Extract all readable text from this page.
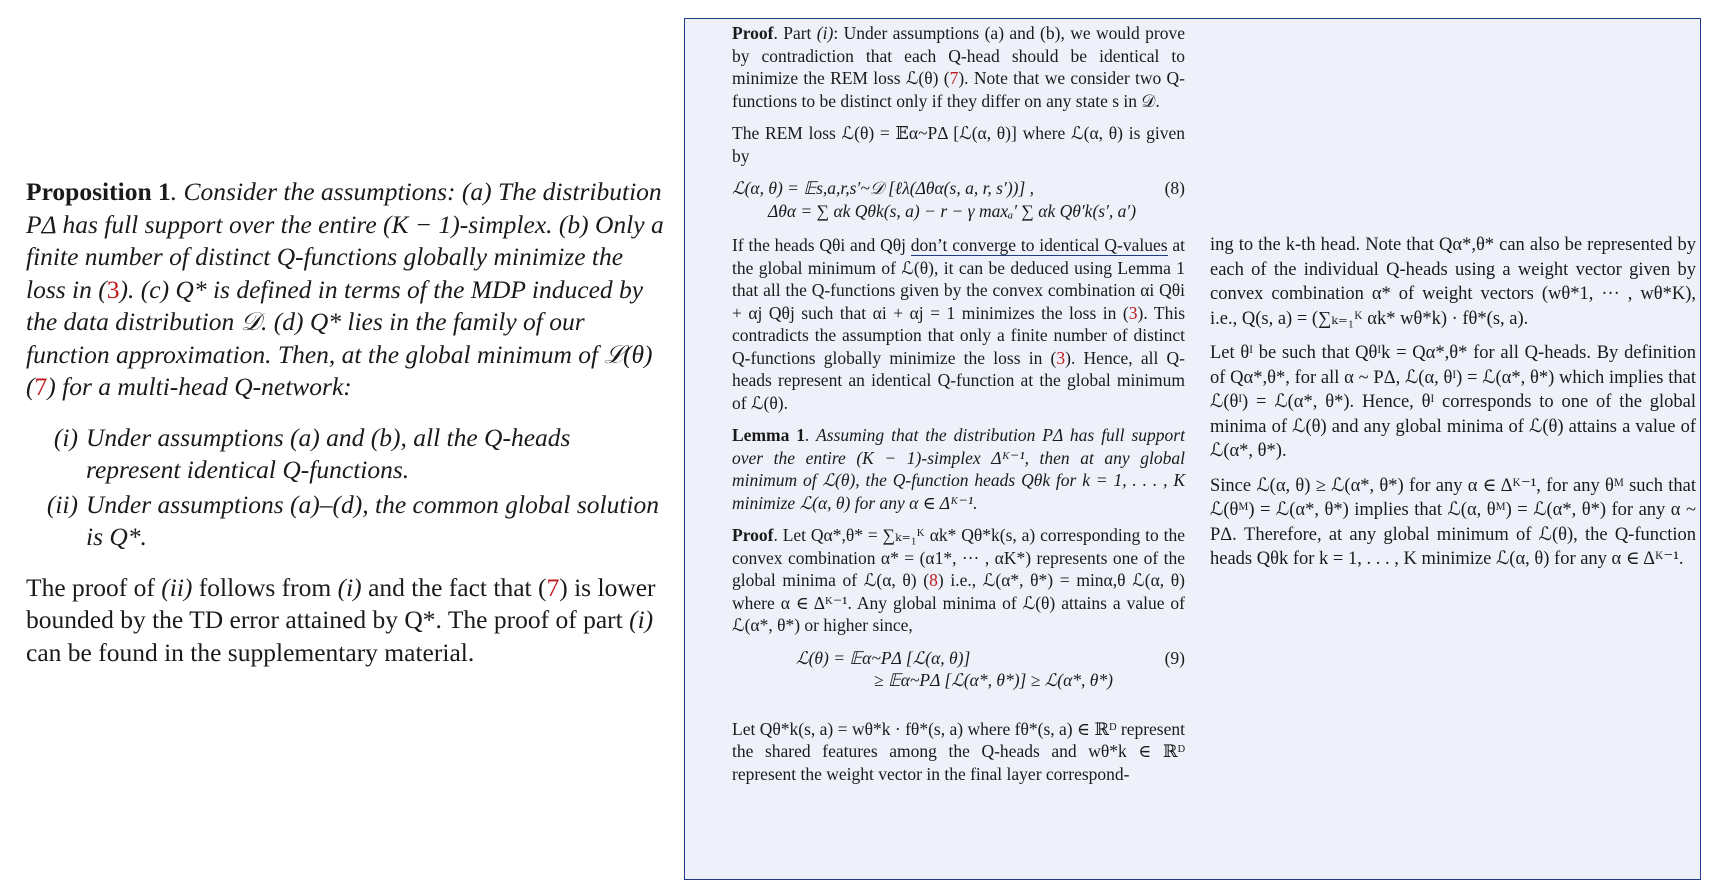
Proposition 1. Consider the assumptions: (a) The distribution PΔ has full support over the entire (K − 1)-simplex. (b) Only a finite number of distinct Q-functions globally minimize the loss in (3). (c) Q* is defined in terms of the MDP induced by the data distribution 𝒟. (d) Q* lies in the family of our function approximation. Then, at the global minimum of ℒ(θ) (7) for a multi-head Q-network:

(i) Under assumptions (a) and (b), all the Q-heads represent identical Q-functions.
(ii) Under assumptions (a)–(d), the common global solution is Q*.

The proof of (ii) follows from (i) and the fact that (7) is lower bounded by the TD error attained by Q*. The proof of part (i) can be found in the supplementary material.

Proof. Part (i): Under assumptions (a) and (b), we would prove by contradiction that each Q-head should be identical to minimize the REM loss ℒ(θ) (7). Note that we consider two Q-functions to be distinct only if they differ on any state s in 𝒟.

The REM loss ℒ(θ) = 𝔼α~PΔ [ℒ(α, θ)] where ℒ(α, θ) is given by

ℒ(α, θ) = 𝔼s,a,r,s′~𝒟 [ℓλ(Δθα(s, a, r, s′))] ,	(8)
Δθα = ∑ αk Qθk(s, a) − r − γ maxₐ′ ∑ αk Qθ′k(s′, a′)

If the heads Qθi and Qθj don’t converge to identical Q-values at the global minimum of ℒ(θ), it can be deduced using Lemma 1 that all the Q-functions given by the convex combination αi Qθi + αj Qθj such that αi + αj = 1 minimizes the loss in (3). This contradicts the assumption that only a finite number of distinct Q-functions globally minimize the loss in (3). Hence, all Q-heads represent an identical Q-function at the global minimum of ℒ(θ).

Lemma 1. Assuming that the distribution PΔ has full support over the entire (K − 1)-simplex Δᴷ⁻¹, then at any global minimum of ℒ(θ), the Q-function heads Qθk for k = 1, . . . , K minimize ℒ(α, θ) for any α ∈ Δᴷ⁻¹.

Proof. Let Qα*,θ* = ∑ₖ₌₁ᴷ αk* Qθ*k(s, a) corresponding to the convex combination α* = (α1*, ··· , αK*) represents one of the global minima of ℒ(α, θ) (8) i.e., ℒ(α*, θ*) = minα,θ ℒ(α, θ) where α ∈ Δᴷ⁻¹. Any global minima of ℒ(θ) attains a value of ℒ(α*, θ*) or higher since,

ℒ(θ) = 𝔼α~PΔ [ℒ(α, θ)]	(9)
≥ 𝔼α~PΔ [ℒ(α*, θ*)] ≥ ℒ(α*, θ*)

Let Qθ*k(s, a) = wθ*k · fθ*(s, a) where fθ*(s, a) ∈ ℝᴰ represent the shared features among the Q-heads and wθ*k ∈ ℝᴰ represent the weight vector in the final layer correspond-

ing to the k-th head. Note that Qα*,θ* can also be represented by each of the individual Q-heads using a weight vector given by convex combination α* of weight vectors (wθ*1, ··· , wθ*K), i.e., Q(s, a) = (∑ₖ₌₁ᴷ αk* wθ*k) · fθ*(s, a).

Let θᴵ be such that Qθᴵk = Qα*,θ* for all Q-heads. By definition of Qα*,θ*, for all α ~ PΔ, ℒ(α, θᴵ) = ℒ(α*, θ*) which implies that ℒ(θᴵ) = ℒ(α*, θ*). Hence, θᴵ corresponds to one of the global minima of ℒ(θ) and any global minima of ℒ(θ) attains a value of ℒ(α*, θ*).

Since ℒ(α, θ) ≥ ℒ(α*, θ*) for any α ∈ Δᴷ⁻¹, for any θᴹ such that ℒ(θᴹ) = ℒ(α*, θ*) implies that ℒ(α, θᴹ) = ℒ(α*, θ*) for any α ~ PΔ. Therefore, at any global minimum of ℒ(θ), the Q-function heads Qθk for k = 1, . . . , K minimize ℒ(α, θ) for any α ∈ Δᴷ⁻¹.
